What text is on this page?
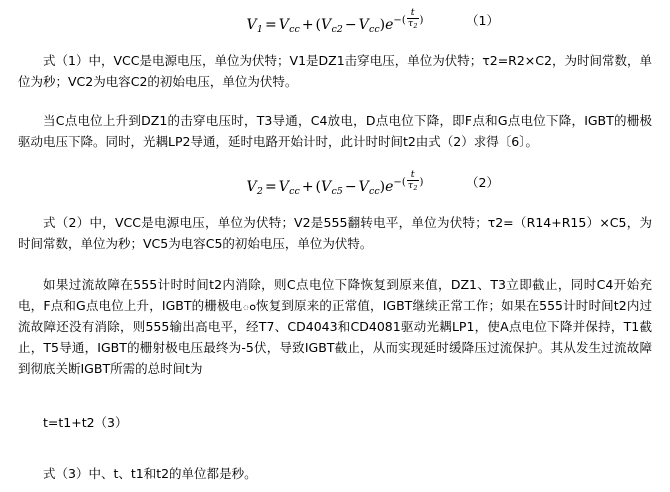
V1 = Vcc + $(Vc2 - Vcc)e^{-( \frac{t}{\tau 2} )}$	（1）

式（1）中，VCC是电源电压，单位为伏特；V1是DZ1击穿电压，单位为伏特；τ2=R2×C2，为时间常数，单位为秒；VC2为电容C2的初始电压，单位为伏特。

当C点电位上升到DZ1的击穿电压时，T3导通，C4放电，D点电位下降，即F点和G点电位下降，IGBT的栅极驱动电压下降。同时，光耦LP2导通，延时电路开始计时，此计时时间t2由式（2）求得〔6〕。

V2 = Vcc + $(Vc5 - Vcc)e^{-( \frac{t}{\tau 2} )}$	（2）

式（2）中，VCC是电源电压，单位为伏特；V2是555翻转电平，单位为伏特；τ2=（R14+R15）×C5，为时间常数，单位为秒；VC5为电容C5的初始电压，单位为伏特。

如果过流故障在555计时时间t2内消除，则C点电位下降恢复到原来值，DZ1、T3立即截止，同时C4开始充电，F点和G点电位上升，IGBT的栅极电ం恢复到原来的正常值，IGBT继续正常工作；如果在555计时时间t2内过流故障还没有消除，则555输出高电平，经T7、CD4043和CD4081驱动光耦LP1，使A点电位下降并保持，T1截止，T5导通，IGBT的栅射极电压最终为-5伏，导致IGBT截止，从而实现延时缓降压过流保护。其从发生过流故障到彻底关断IGBT所需的总时间t为

t=t1+t2（3）

式（3）中、t、t1和t2的单位都是秒。
